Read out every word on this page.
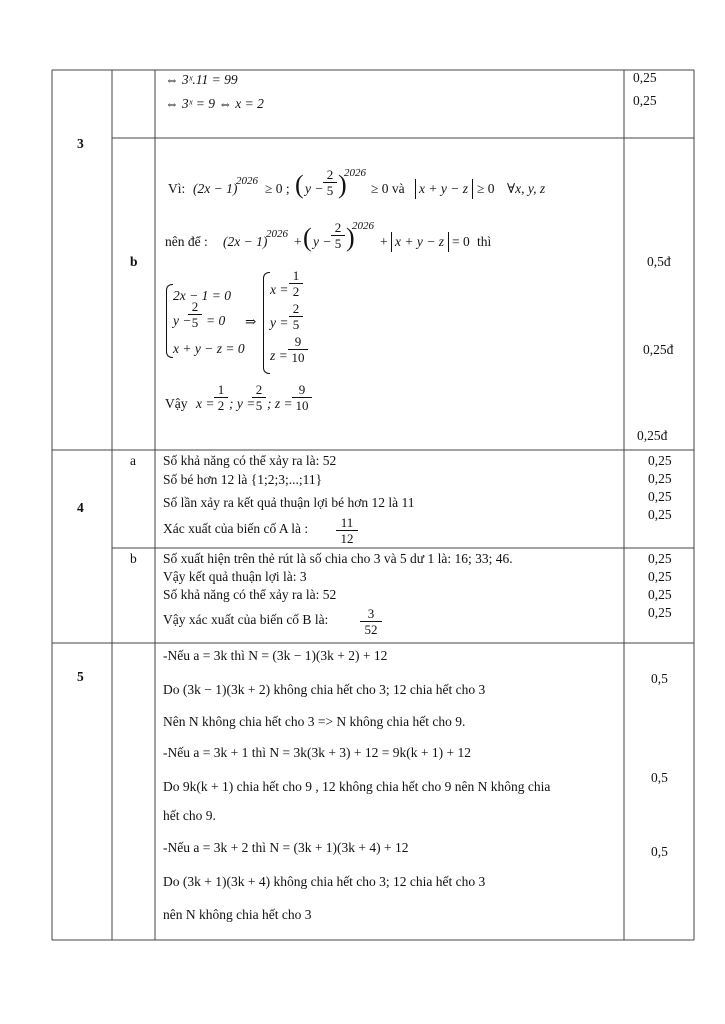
3
⇔ 3ˣ.11 = 99
⇔ 3ˣ = 9 ⇔ x = 2
0,25
0,25
b
Vì: (2x − 1)
2026 ≥ 0 ; ( $y - \frac{2}{5}$ )
2026
≥ 0 và x + y − z ≥ 0 ∀x, y, z
nên để : (2x − 1)
2026 + ( $y - \frac{2}{5}$ )
2026
+ x + y − z = 0 thì
2x − 1 = 0
y −
$\frac{2}{5} = 0$
x + y − z = 0
⇒
$x = \frac{1}{2}$
$y = \frac{2}{5}$
$z = \frac{9}{10}$
Vậy $x = \frac{1}{2}$ ; y =
$\frac{2}{5}$ ; $z = \frac{9}{10}$
0,5đ
0,25đ
0,25đ
4
a Số khả năng có thể xảy ra là: 52
Số bé hơn 12 là {1;2;3;...;11}
Số lần xảy ra kết quả thuận lợi bé hơn 12 là 11
Xác xuất của biến cố A là : $\frac{11}{12}$
0,25
0,25
0,25
0,25
b Số xuất hiện trên thẻ rút là số chia cho 3 và 5 dư 1 là: 16; 33; 46.
Vậy kết quả thuận lợi là: 3
Số khả năng có thể xảy ra là: 52
Vậy xác xuất của biến cố B là: $\frac{3}{52}$
0,25
0,25
0,25
0,25
5
-Nếu a = 3k thì N = (3k − 1)(3k + 2) + 12
Do (3k − 1)(3k + 2) không chia hết cho 3; 12 chia hết cho 3
Nên N không chia hết cho 3 => N không chia hết cho 9.
-Nếu a = 3k + 1 thì N = 3k(3k + 3) + 12 = 9k(k + 1) + 12
Do 9k(k + 1) chia hết cho 9 , 12 không chia hết cho 9 nên N không chia
hết cho 9.
-Nếu a = 3k + 2 thì N = (3k + 1)(3k + 4) + 12
Do (3k + 1)(3k + 4) không chia hết cho 3; 12 chia hết cho 3
nên N không chia hết cho 3
0,5
0,5
0,5
